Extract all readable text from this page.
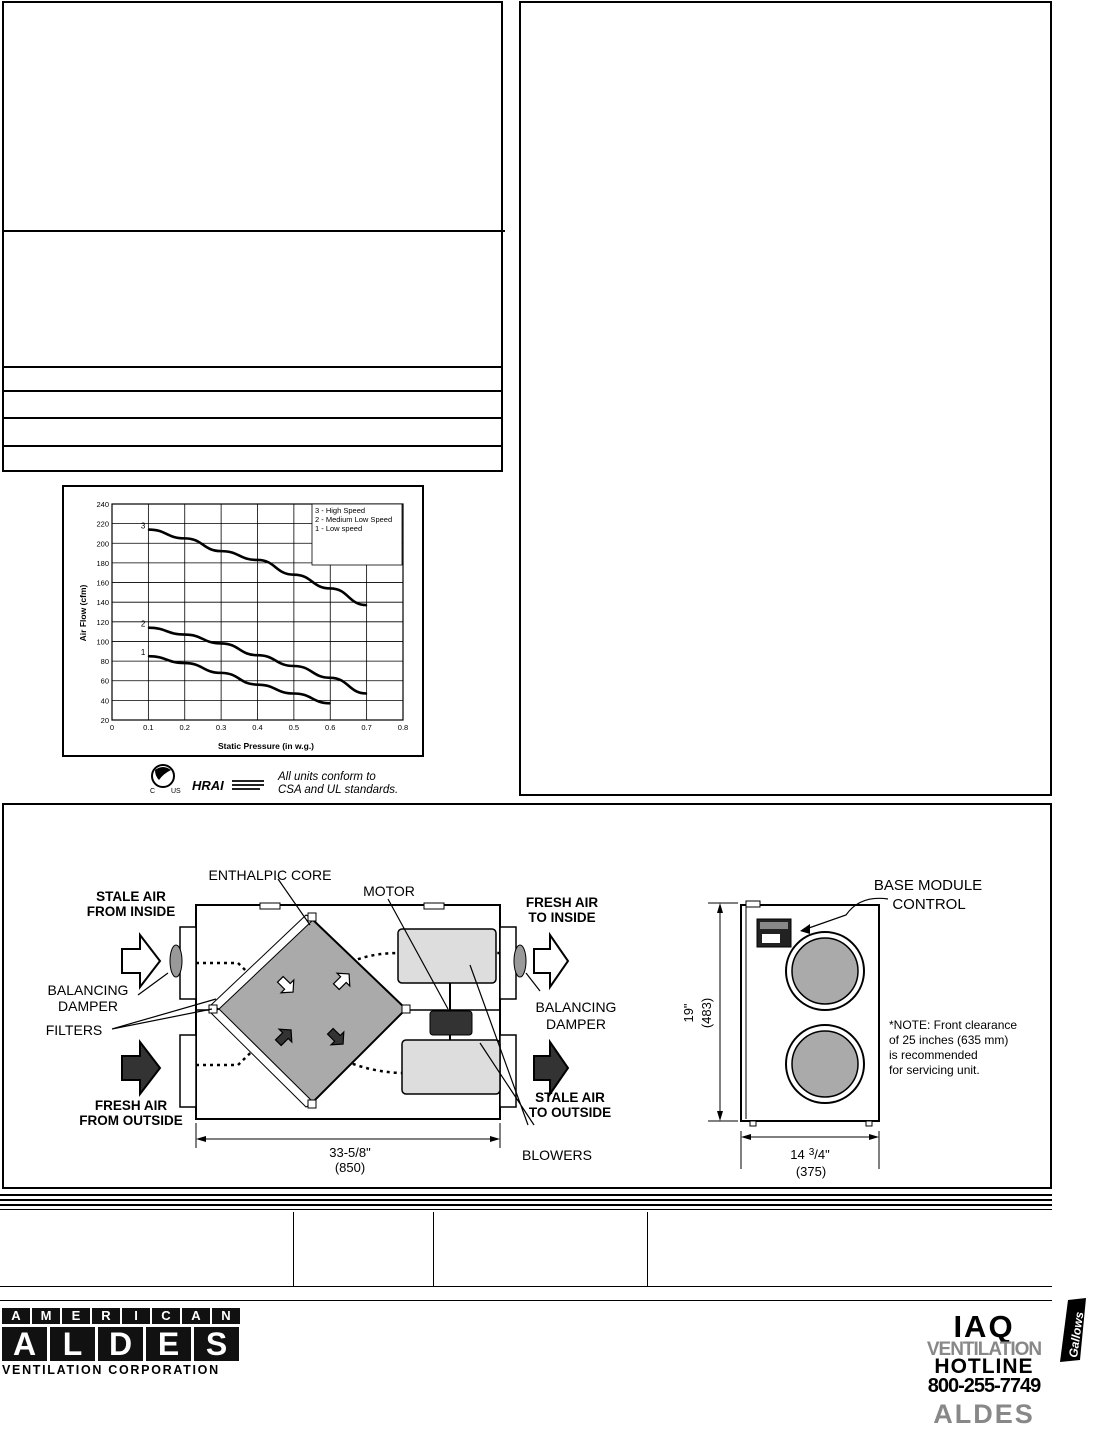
0	0.1	0.2	0.3	0.4	0.5	0.6	0.7	0.8
20
40
60
80
100
120
140
160
180
200
220
240
3
2
1
3 - High Speed
2 - Medium Low Speed
1 - Low speed
Static Pressure (in w.g.)
Air Flow (cfm)
C US HRAI
All units conform to
CSA and UL standards.
ENTHALPIC CORE
MOTOR
STALE AIR
FROM INSIDE
FRESH AIR
TO INSIDE
BALANCING
DAMPER
FILTERS
BALANCING
DAMPER
FRESH AIR
FROM OUTSIDE
STALE AIR
TO OUTSIDE
BLOWERS
33-5/8"
(850)
BASE MODULE
CONTROL
19" (483)
14 $^3$/4"
(375)
*NOTE: Front clearance
of 25 inches (635 mm)
is recommended
for servicing unit.
A	M	E	R	I	C	A	N
A L D E S
VENTILATION CORPORATION
IAQ
VENTILATION
HOTLINE
800-255-7749
ALDES
Gallows
